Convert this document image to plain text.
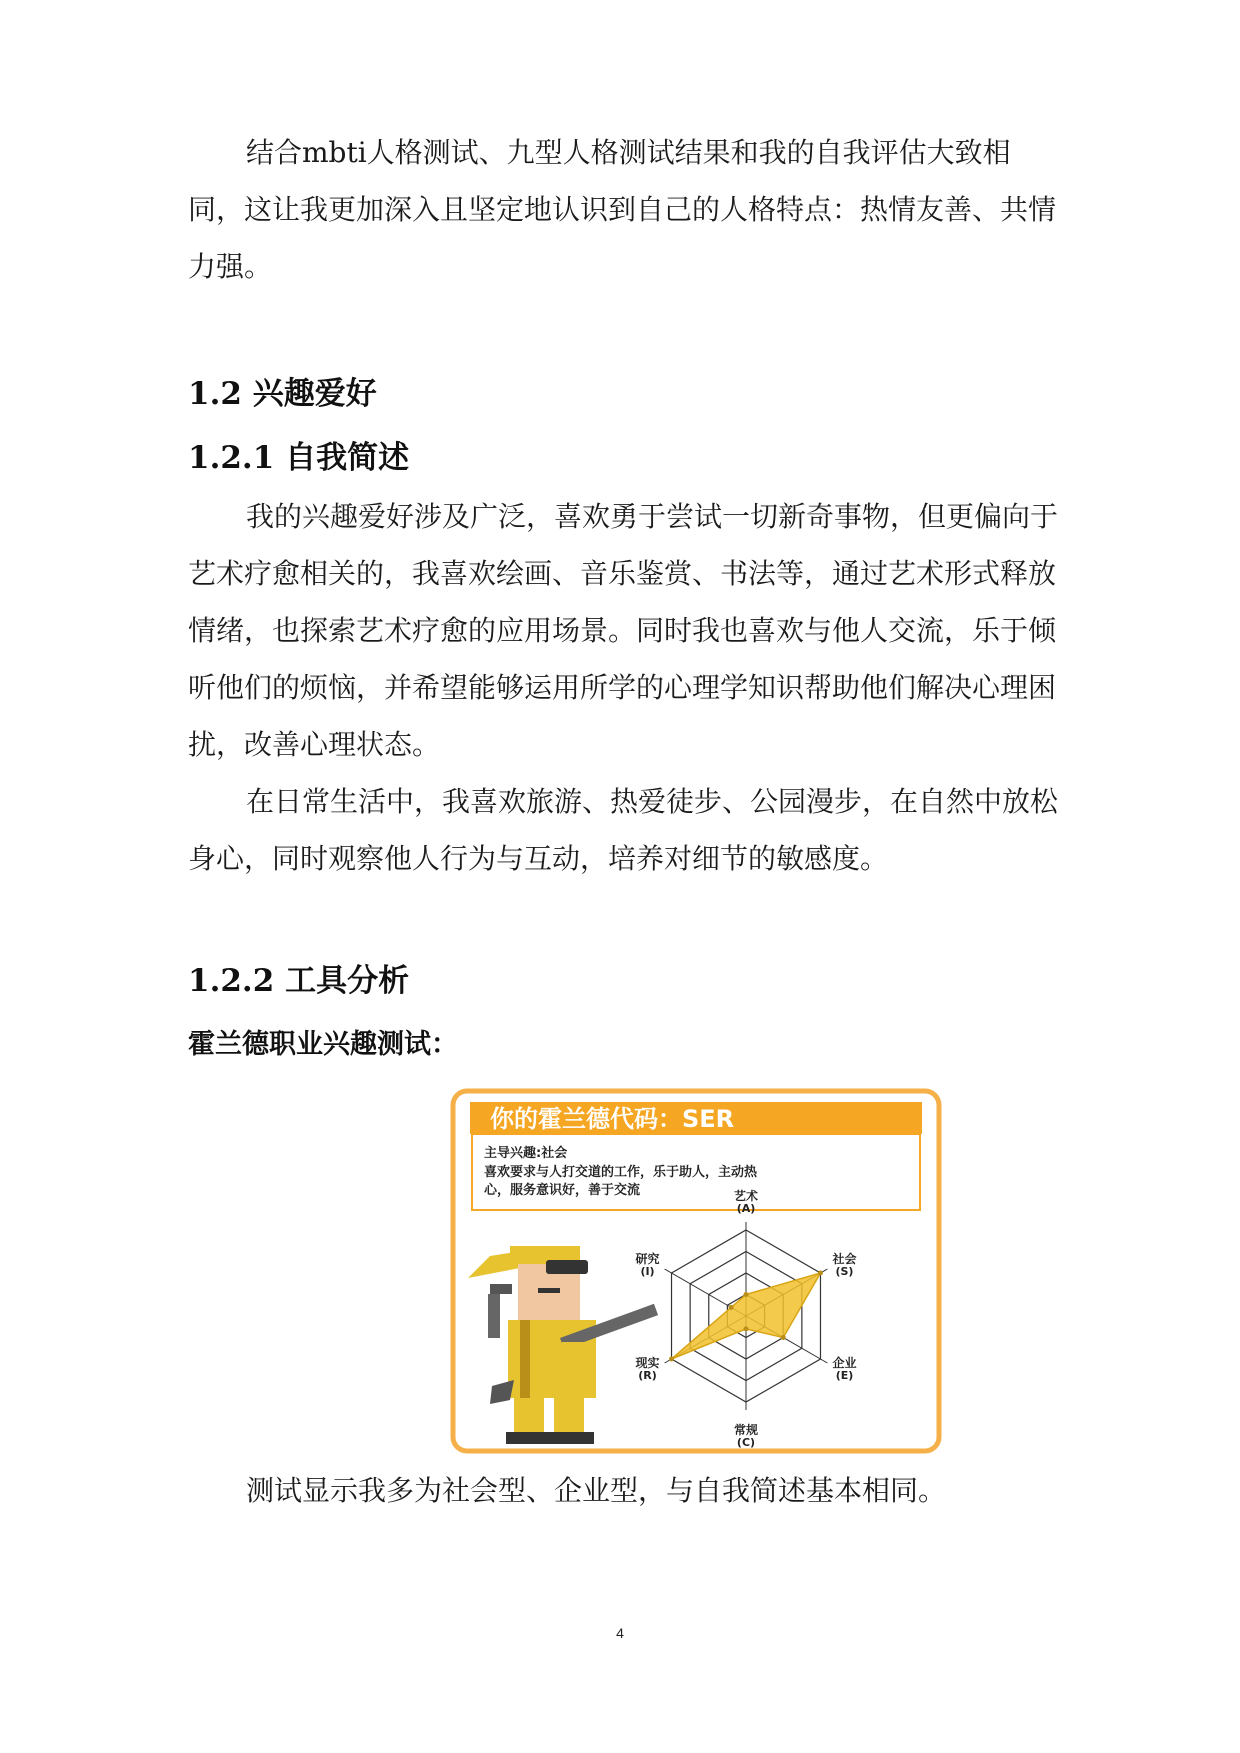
结合mbti人格测试、九型人格测试结果和我的自我评估大致相同，这让我更加深入且坚定地认识到自己的人格特点：热情友善、共情力强。

1.2 兴趣爱好
1.2.1 自我简述

我的兴趣爱好涉及广泛，喜欢勇于尝试一切新奇事物，但更偏向于艺术疗愈相关的，我喜欢绘画、音乐鉴赏、书法等，通过艺术形式释放情绪，也探索艺术疗愈的应用场景。同时我也喜欢与他人交流，乐于倾听他们的烦恼，并希望能够运用所学的心理学知识帮助他们解决心理困扰，改善心理状态。

在日常生活中，我喜欢旅游、热爱徒步、公园漫步，在自然中放松身心，同时观察他人行为与互动，培养对细节的敏感度。

1.2.2 工具分析

霍兰德职业兴趣测试：

你的霍兰德代码：SER
主导兴趣:社会
喜欢要求与人打交道的工作，乐于助人，主动热
心，服务意识好，善于交流	艺术
(A)
社会
(S)
企业
(E)
常规
(C)
现实
(R)
研究
(I)

测试显示我多为社会型、企业型，与自我简述基本相同。

4
